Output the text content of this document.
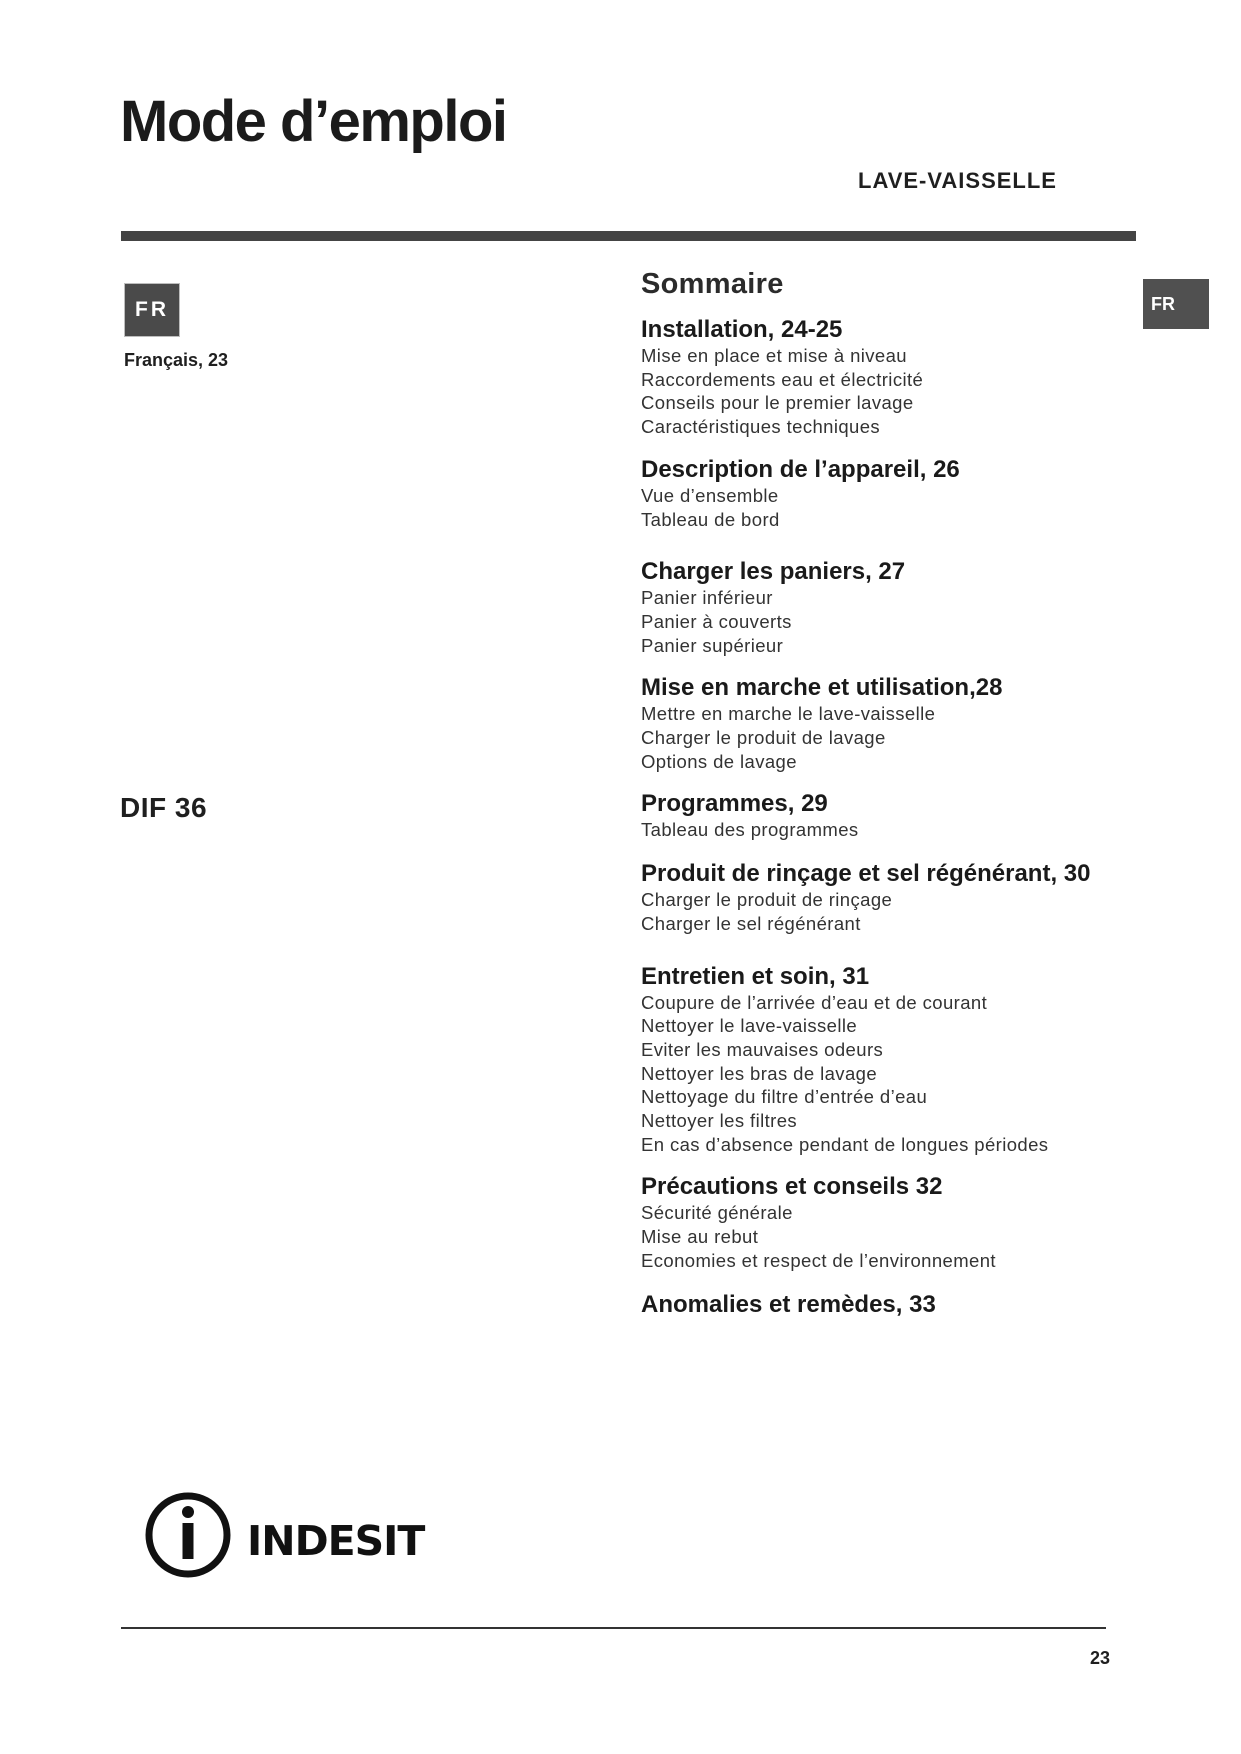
Mode d’emploi
LAVE-VAISSELLE
FR
Français, 23
FR
DIF 36
Sommaire
Installation, 24-25
Mise en place et mise à niveau
Raccordements eau et électricité
Conseils pour le premier lavage
Caractéristiques techniques
Description de l’appareil, 26
Vue d’ensemble
Tableau de bord
Charger les paniers, 27
Panier inférieur
Panier à couverts
Panier supérieur
Mise en marche et utilisation,28
Mettre en marche le lave-vaisselle
Charger le produit de lavage
Options de lavage
Programmes, 29
Tableau des programmes
Produit de rinçage et sel régénérant, 30
Charger le produit de rinçage
Charger le sel régénérant
Entretien et soin, 31
Coupure de l’arrivée d’eau et de courant
Nettoyer le lave-vaisselle
Eviter les mauvaises odeurs
Nettoyer les bras de lavage
Nettoyage du filtre d’entrée d’eau
Nettoyer les filtres
En cas d’absence pendant de longues périodes
Précautions et conseils 32
Sécurité générale
Mise au rebut
Economies et respect de l’environnement
Anomalies et remèdes, 33
indesit
23
